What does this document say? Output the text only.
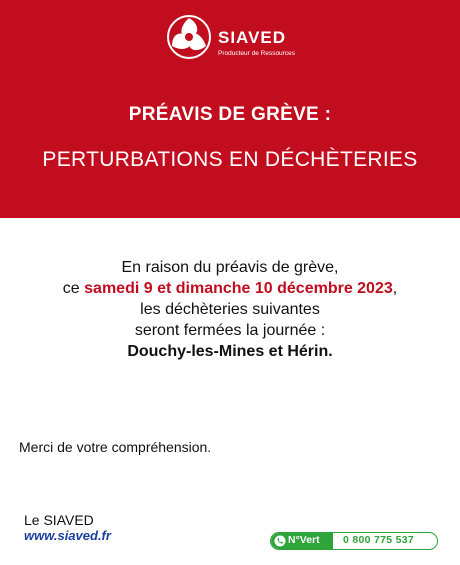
SIAVED
Producteur de Ressources
PRÉAVIS DE GRÈVE :
PERTURBATIONS EN DÉCHÈTERIES
En raison du préavis de grève,
ce samedi 9 et dimanche 10 décembre 2023,
les déchèteries suivantes
seront fermées la journée :
Douchy-les-Mines et Hérin.
Merci de votre compréhension.
Le SIAVED
www.siaved.fr	N°Vert 0 800 775 537
